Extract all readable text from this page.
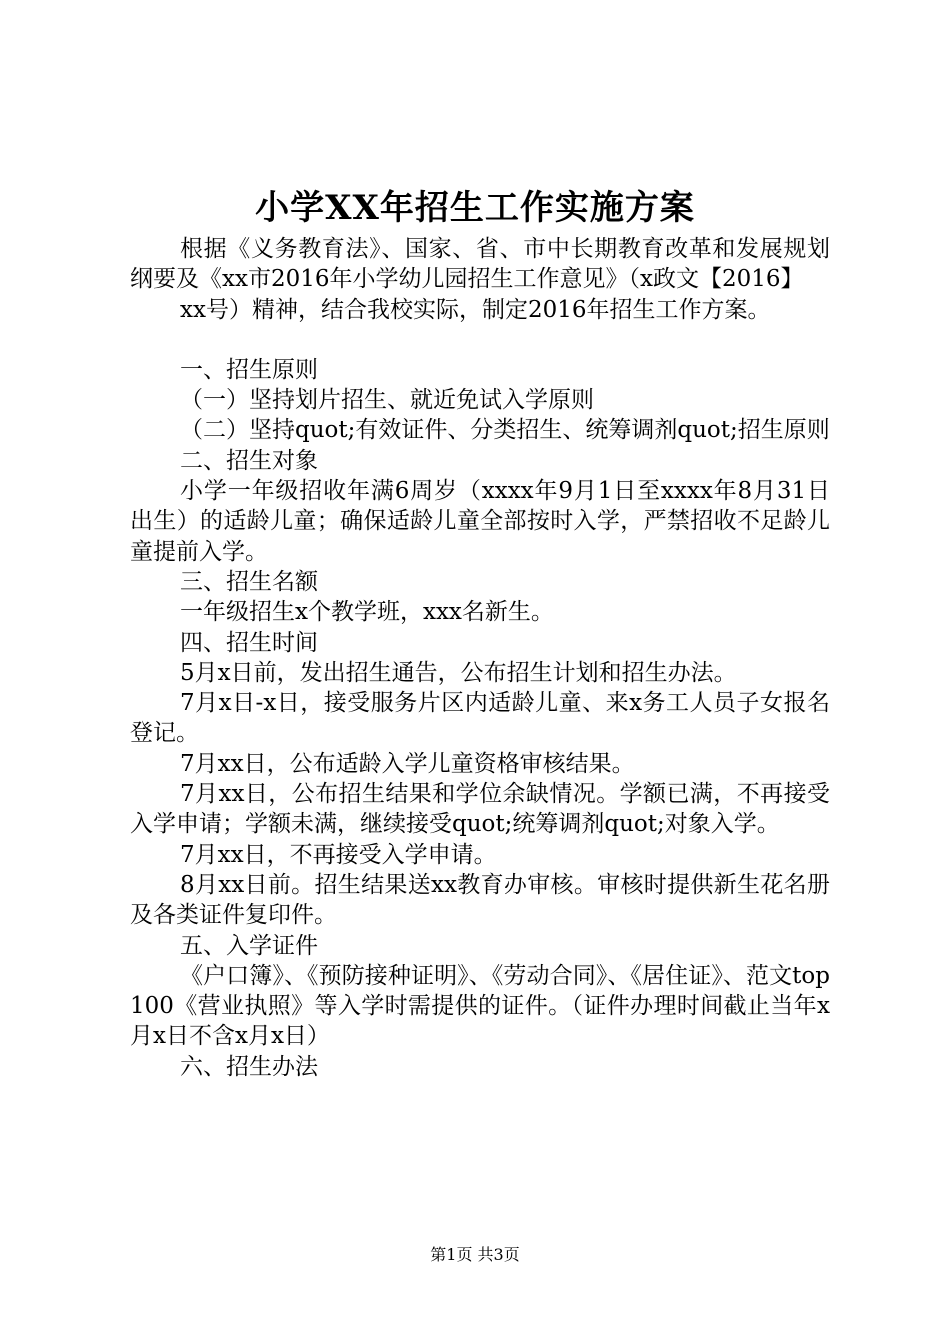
小学XX年招生工作实施方案

根据《义务教育法》、国家、省、市中长期教育改革和发展规划纲要及《xx市2016年小学幼儿园招生工作意见》（x政文【2016】

xx号）精神，结合我校实际，制定2016年招生工作方案。

一、招生原则

（一）坚持划片招生、就近免试入学原则

（二）坚持quot;有效证件、分类招生、统筹调剂quot;招生原则

二、招生对象

小学一年级招收年满6周岁（xxxx年9月1日至xxxx年8月31日出生）的适龄儿童；确保适龄儿童全部按时入学，严禁招收不足龄儿童提前入学。

三、招生名额

一年级招生x个教学班，xxx名新生。

四、招生时间

5月x日前，发出招生通告，公布招生计划和招生办法。

7月x日-x日，接受服务片区内适龄儿童、来x务工人员子女报名登记。

7月xx日，公布适龄入学儿童资格审核结果。

7月xx日，公布招生结果和学位余缺情况。学额已满，不再接受入学申请；学额未满，继续接受quot;统筹调剂quot;对象入学。

7月xx日，不再接受入学申请。

8月xx日前。招生结果送xx教育办审核。审核时提供新生花名册及各类证件复印件。

五、入学证件

《户口簿》、《预防接种证明》、《劳动合同》、《居住证》、范文top100《营业执照》等入学时需提供的证件。（证件办理时间截止当年x月x日不含x月x日）

六、招生办法

第1页 共3页
